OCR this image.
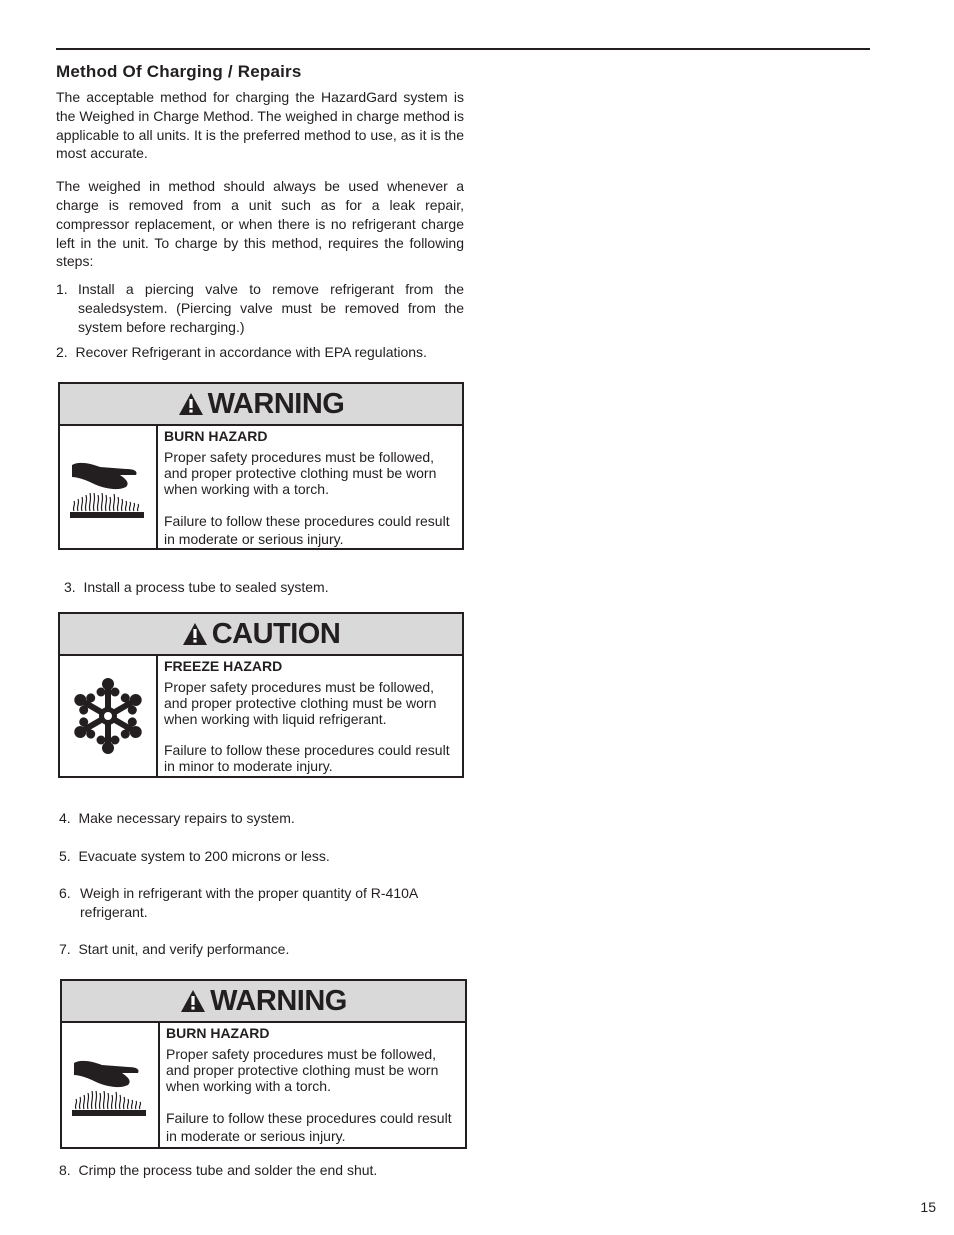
Method Of Charging / Repairs

The acceptable method for charging the HazardGard system is the Weighed in Charge Method. The weighed in charge method is applicable to all units. It is the preferred method to use, as it is the most accurate.

The weighed in method should always be used whenever a charge is removed from a unit such as for a leak repair, compressor replacement, or when there is no refrigerant charge left in the unit. To charge by this method, requires the following steps:

1. Install a piercing valve to remove refrigerant from the sealedsystem. (Piercing valve must be removed from the system before recharging.)
2. Recover Refrigerant in accordance with EPA regulations.
WARNING
BURN HAZARD
Proper safety procedures must be followed, and proper protective clothing must be worn when working with a torch.
Failure to follow these procedures could result in moderate or serious injury.
3. Install a process tube to sealed system.
CAUTION
FREEZE HAZARD
Proper safety procedures must be followed, and proper protective clothing must be worn when working with liquid refrigerant.
Failure to follow these procedures could result in minor to moderate injury.
4. Make necessary repairs to system.
5. Evacuate system to 200 microns or less.
6. Weigh in refrigerant with the proper quantity of R-410A refrigerant.
7. Start unit, and verify performance.
WARNING
BURN HAZARD
Proper safety procedures must be followed, and proper protective clothing must be worn when working with a torch.
Failure to follow these procedures could result in moderate or serious injury.
8. Crimp the process tube and solder the end shut.
15
